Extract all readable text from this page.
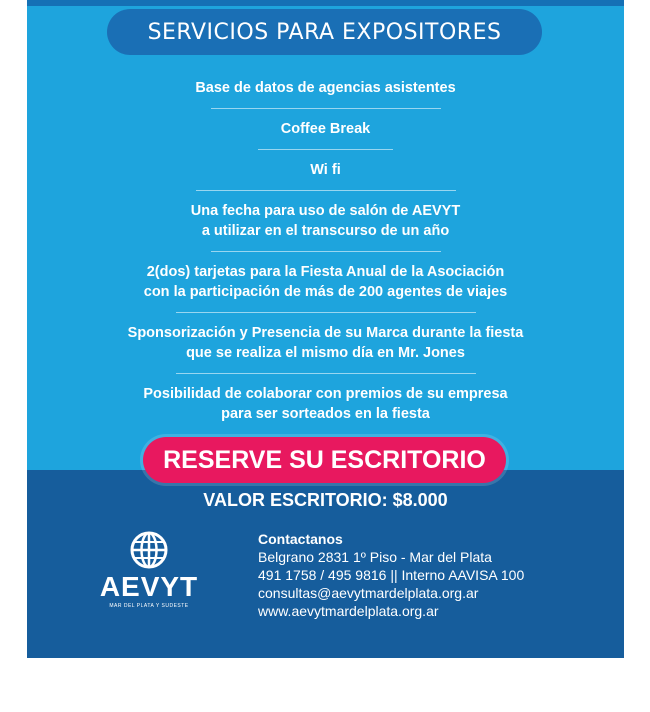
SERVICIOS PARA EXPOSITORES
Base de datos de agencias asistentes
Coffee Break
Wi fi
Una fecha para uso de salón de AEVYT
a utilizar en el transcurso de un año
2(dos) tarjetas para la Fiesta Anual de la Asociación
con la participación de más de 200 agentes de viajes
Sponsorización y Presencia de su Marca durante la fiesta
que se realiza el mismo día en Mr. Jones
Posibilidad de colaborar con premios de su empresa
para ser sorteados en la fiesta
RESERVE SU ESCRITORIO
VALOR ESCRITORIO: $8.000
AEVYT
MAR DEL PLATA Y SUDESTE
Contactanos
Belgrano 2831 1º Piso - Mar del Plata
491 1758 / 495 9816 || Interno AAVISA 100
consultas@aevytmardelplata.org.ar
www.aevytmardelplata.org.ar
